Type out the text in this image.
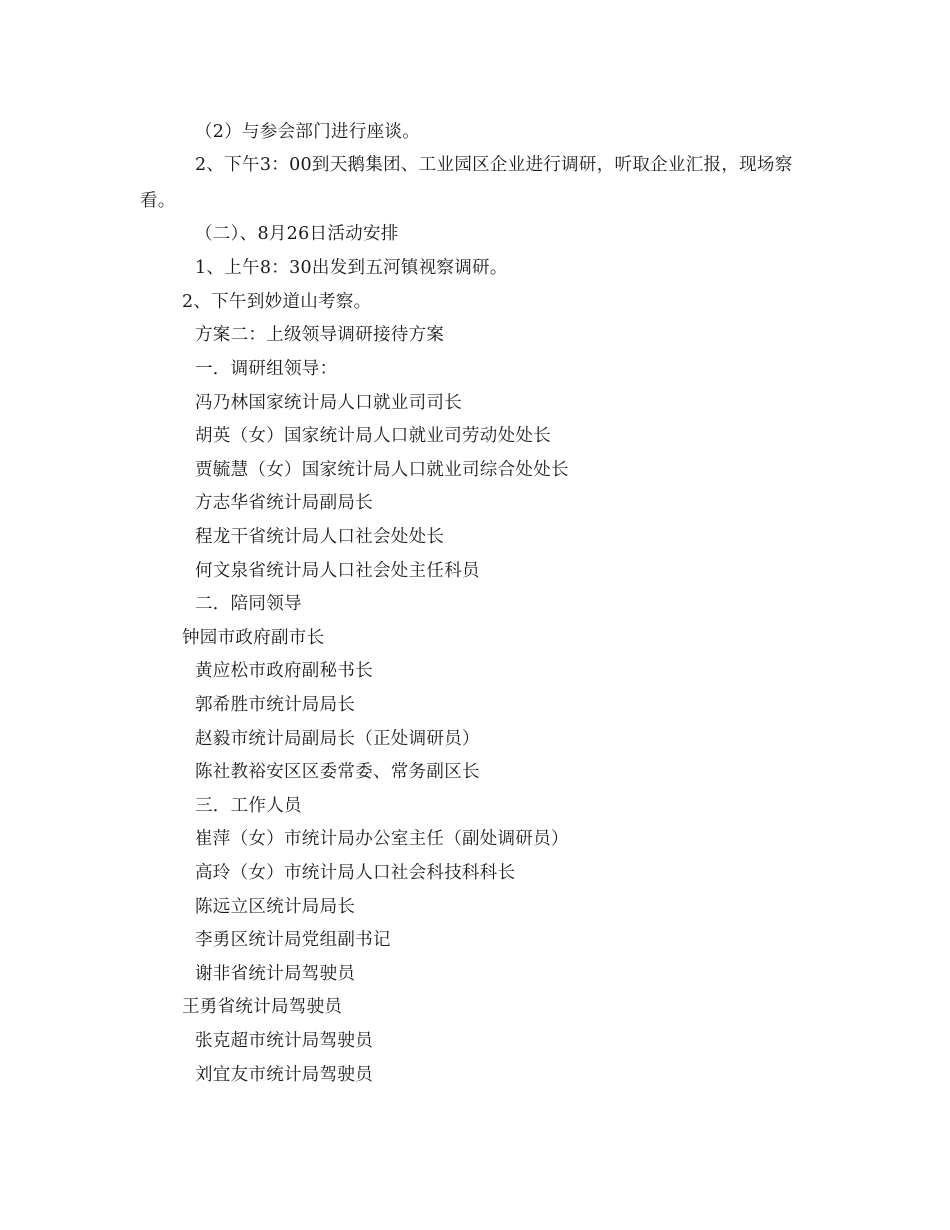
（2）与参会部门进行座谈。
2、下午3：00到天鹅集团、工业园区企业进行调研，听取企业汇报，现场察看。
（二）、8月26日活动安排
1、上午8：30出发到五河镇视察调研。
2、下午到妙道山考察。
方案二：上级领导调研接待方案
一．调研组领导：
冯乃林国家统计局人口就业司司长
胡英（女）国家统计局人口就业司劳动处处长
贾毓慧（女）国家统计局人口就业司综合处处长
方志华省统计局副局长
程龙干省统计局人口社会处处长
何文泉省统计局人口社会处主任科员
二．陪同领导
钟园市政府副市长
黄应松市政府副秘书长
郭希胜市统计局局长
赵毅市统计局副局长（正处调研员）
陈社教裕安区区委常委、常务副区长
三．工作人员
崔萍（女）市统计局办公室主任（副处调研员）
高玲（女）市统计局人口社会科技科科长
陈远立区统计局局长
李勇区统计局党组副书记
谢非省统计局驾驶员
王勇省统计局驾驶员
张克超市统计局驾驶员
刘宜友市统计局驾驶员
